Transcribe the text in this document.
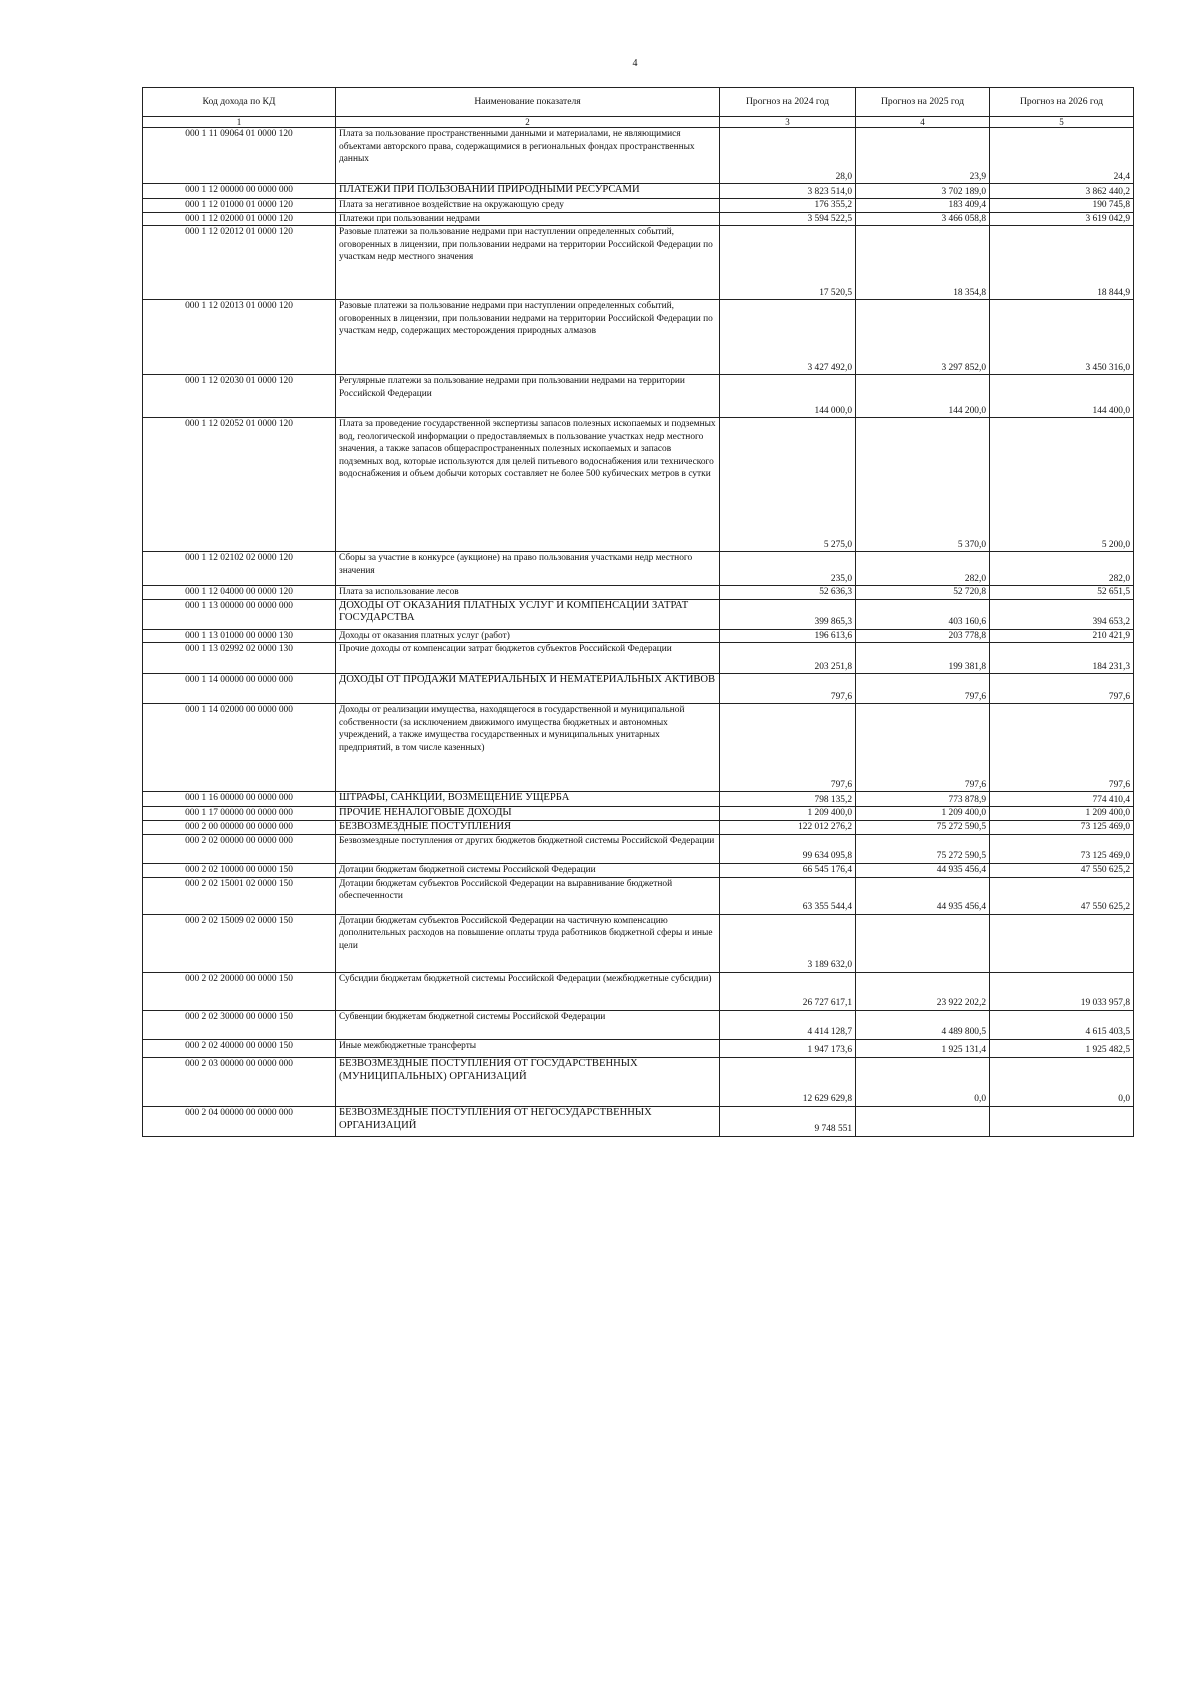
4
Код дохода по КД	Наименование показателя	Прогноз на 2024 год	Прогноз на 2025 год	Прогноз на 2026 год
1	2	3	4	5
000 1 11 09064 01 0000 120	Плата за пользование пространственными данными и материалами, не являющимися объектами авторского права, содержащимися в региональных фондах пространственных данных	28,0	23,9	24,4
000 1 12 00000 00 0000 000	ПЛАТЕЖИ ПРИ ПОЛЬЗОВАНИИ ПРИРОДНЫМИ РЕСУРСАМИ	3 823 514,0	3 702 189,0	3 862 440,2
000 1 12 01000 01 0000 120	Плата за негативное воздействие на окружающую среду	176 355,2	183 409,4	190 745,8
000 1 12 02000 01 0000 120	Платежи при пользовании недрами	3 594 522,5	3 466 058,8	3 619 042,9
000 1 12 02012 01 0000 120	Разовые платежи за пользование недрами при наступлении определенных событий, оговоренных в лицензии, при пользовании недрами на территории Российской Федерации по участкам недр местного значения	17 520,5	18 354,8	18 844,9
000 1 12 02013 01 0000 120	Разовые платежи за пользование недрами при наступлении определенных событий, оговоренных в лицензии, при пользовании недрами на территории Российской Федерации по участкам недр, содержащих месторождения природных алмазов	3 427 492,0	3 297 852,0	3 450 316,0
000 1 12 02030 01 0000 120	Регулярные платежи за пользование недрами при пользовании недрами на территории Российской Федерации	144 000,0	144 200,0	144 400,0
000 1 12 02052 01 0000 120	Плата за проведение государственной экспертизы запасов полезных ископаемых и подземных вод, геологической информации о предоставляемых в пользование участках недр местного значения, а также запасов общераспространенных полезных ископаемых и запасов подземных вод, которые используются для целей питьевого водоснабжения или технического водоснабжения и объем добычи которых составляет не более 500 кубических метров в сутки	5 275,0	5 370,0	5 200,0
000 1 12 02102 02 0000 120	Сборы за участие в конкурсе (аукционе) на право пользования участками недр местного значения	235,0	282,0	282,0
000 1 12 04000 00 0000 120	Плата за использование лесов	52 636,3	52 720,8	52 651,5
000 1 13 00000 00 0000 000	ДОХОДЫ ОТ ОКАЗАНИЯ ПЛАТНЫХ УСЛУГ И КОМПЕНСАЦИИ ЗАТРАТ ГОСУДАРСТВА	399 865,3	403 160,6	394 653,2
000 1 13 01000 00 0000 130	Доходы от оказания платных услуг (работ)	196 613,6	203 778,8	210 421,9
000 1 13 02992 02 0000 130	Прочие доходы от компенсации затрат бюджетов субъектов Российской Федерации	203 251,8	199 381,8	184 231,3
000 1 14 00000 00 0000 000	ДОХОДЫ ОТ ПРОДАЖИ МАТЕРИАЛЬНЫХ И НЕМАТЕРИАЛЬНЫХ АКТИВОВ	797,6	797,6	797,6
000 1 14 02000 00 0000 000	Доходы от реализации имущества, находящегося в государственной и муниципальной собственности (за исключением движимого имущества бюджетных и автономных учреждений, а также имущества государственных и муниципальных унитарных предприятий, в том числе казенных)	797,6	797,6	797,6
000 1 16 00000 00 0000 000	ШТРАФЫ, САНКЦИИ, ВОЗМЕЩЕНИЕ УЩЕРБА	798 135,2	773 878,9	774 410,4
000 1 17 00000 00 0000 000	ПРОЧИЕ НЕНАЛОГОВЫЕ ДОХОДЫ	1 209 400,0	1 209 400,0	1 209 400,0
000 2 00 00000 00 0000 000	БЕЗВОЗМЕЗДНЫЕ ПОСТУПЛЕНИЯ	122 012 276,2	75 272 590,5	73 125 469,0
000 2 02 00000 00 0000 000	Безвозмездные поступления от других бюджетов бюджетной системы Российской Федерации	99 634 095,8	75 272 590,5	73 125 469,0
000 2 02 10000 00 0000 150	Дотации бюджетам бюджетной системы Российской Федерации	66 545 176,4	44 935 456,4	47 550 625,2
000 2 02 15001 02 0000 150	Дотации бюджетам субъектов Российской Федерации на выравнивание бюджетной обеспеченности	63 355 544,4	44 935 456,4	47 550 625,2
000 2 02 15009 02 0000 150	Дотации бюджетам субъектов Российской Федерации на частичную компенсацию дополнительных расходов на повышение оплаты труда работников бюджетной сферы и иные цели	3 189 632,0		
000 2 02 20000 00 0000 150	Субсидии бюджетам бюджетной системы Российской Федерации (межбюджетные субсидии)	26 727 617,1	23 922 202,2	19 033 957,8
000 2 02 30000 00 0000 150	Субвенции бюджетам бюджетной системы Российской Федерации	4 414 128,7	4 489 800,5	4 615 403,5
000 2 02 40000 00 0000 150	Иные межбюджетные трансферты	1 947 173,6	1 925 131,4	1 925 482,5
000 2 03 00000 00 0000 000	БЕЗВОЗМЕЗДНЫЕ ПОСТУПЛЕНИЯ ОТ ГОСУДАРСТВЕННЫХ (МУНИЦИПАЛЬНЫХ) ОРГАНИЗАЦИЙ	12 629 629,8	0,0	0,0
000 2 04 00000 00 0000 000	БЕЗВОЗМЕЗДНЫЕ ПОСТУПЛЕНИЯ ОТ НЕГОСУДАРСТВЕННЫХ ОРГАНИЗАЦИЙ	9 748 551		
